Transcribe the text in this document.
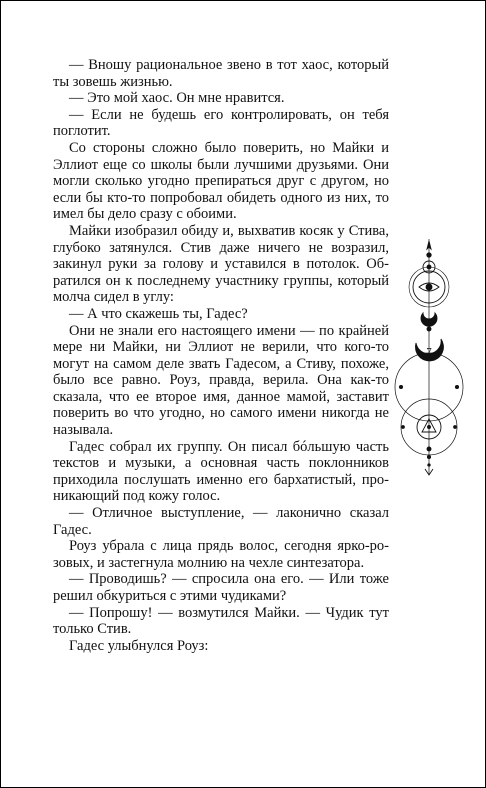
— Вношу рациональное звено в тот хаос, который ты зовешь жизнью.

— Это мой хаос. Он мне нравится.

— Если не будешь его контролировать, он тебя поглотит.

Со стороны сложно было поверить, но Майки и Эллиот еще со школы были лучшими друзьями. Они могли сколько угодно препираться друг с другом, но если бы кто-то попробовал обидеть одного из них, то имел бы дело сразу с обоими.

Майки изобразил обиду и, выхватив косяк у Стива, глубоко затянулся. Стив даже ничего не возразил, закинул руки за голову и уставился в потолок. Обратился он к последнему участнику группы, который молча сидел в углу:

— А что скажешь ты, Гадес?

Они не знали его настоящего имени — по крайней мере ни Майки, ни Эллиот не верили, что кого-то могут на самом деле звать Гадесом, а Стиву, похоже, было все равно. Роуз, правда, верила. Она как-то сказала, что ее второе имя, данное мамой, заставит поверить во что угодно, но самого имени никогда не называла.

Гадес собрал их группу. Он писал бóльшую часть текстов и музыки, а основная часть поклонников приходила послушать именно его бархатистый, проникающий под кожу голос.

— Отличное выступление, — лаконично сказал Гадес.

Роуз убрала с лица прядь волос, сегодня ярко-розовых, и застегнула молнию на чехле синтезатора.

— Проводишь? — спросила она его. — Или тоже решил обкуриться с этими чудиками?

— Попрошу! — возмутился Майки. — Чудик тут только Стив.

Гадес улыбнулся Роуз:

7
